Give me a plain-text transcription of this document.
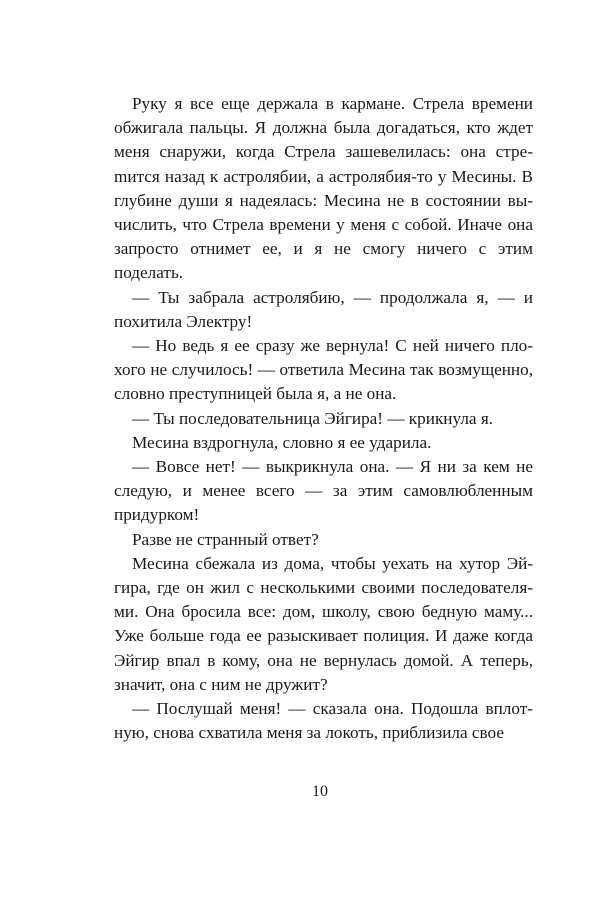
Руку я все еще держала в кармане. Стрела времени обжигала пальцы. Я должна была догадаться, кто ждет меня снаружи, когда Стрела зашевелилась: она стреmится назад к астролябии, а астролябия-то у Месины. В глубине души я надеялась: Месина не в состоянии вычислить, что Стрела времени у меня с собой. Иначе она запросто отнимет ее, и я не смогу ничего с этим поделать.

— Ты забрала астролябию, — продолжала я, — и похитила Электру!

— Но ведь я ее сразу же вернула! С ней ничего плохого не случилось! — ответила Месина так возмущенно, словно преступницей была я, а не она.

— Ты последовательница Эйгира! — крикнула я.

Месина вздрогнула, словно я ее ударила.

— Вовсе нет! — выкрикнула она. — Я ни за кем не следую, и менее всего — за этим самовлюбленным придурком!

Разве не странный ответ?

Месина сбежала из дома, чтобы уехать на хутор Эйгира, где он жил с несколькими своими последователями. Она бросила все: дом, школу, свою бедную маму... Уже больше года ее разыскивает полиция. И даже когда Эйгир впал в кому, она не вернулась домой. А теперь, значит, она с ним не дружит?

— Послушай меня! — сказала она. Подошла вплотную, снова схватила меня за локоть, приблизила свое

10
